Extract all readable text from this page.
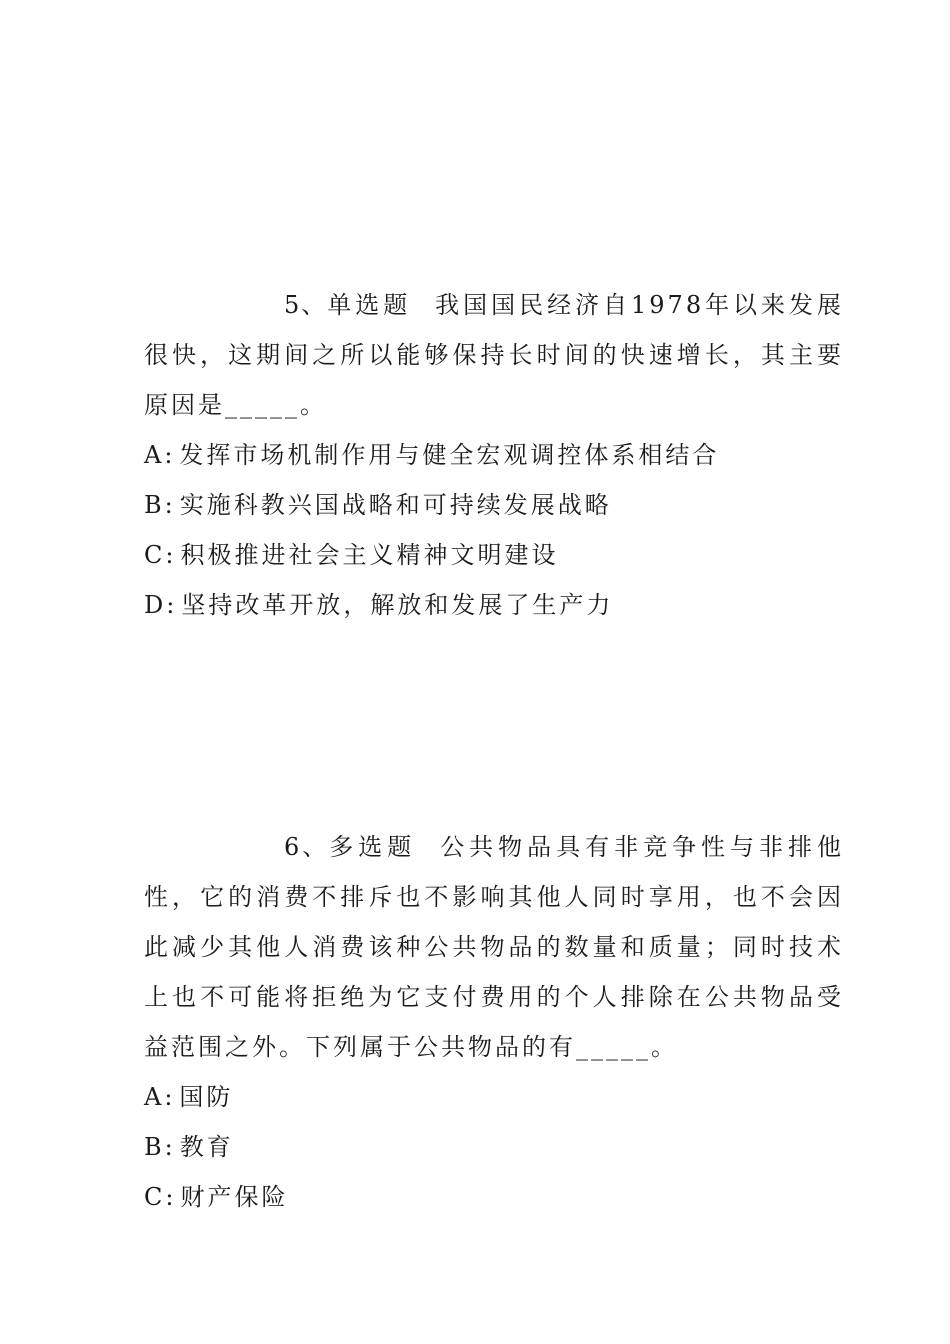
5、单选题 我国国民经济自1978年以来发展很快，这期间之所以能够保持长时间的快速增长，其主要原因是_____。

A: 发挥市场机制作用与健全宏观调控体系相结合

B: 实施科教兴国战略和可持续发展战略

C: 积极推进社会主义精神文明建设

D: 坚持改革开放，解放和发展了生产力

6、多选题 公共物品具有非竞争性与非排他性，它的消费不排斥也不影响其他人同时享用，也不会因此减少其他人消费该种公共物品的数量和质量；同时技术上也不可能将拒绝为它支付费用的个人排除在公共物品受益范围之外。下列属于公共物品的有_____。

A: 国防

B: 教育

C: 财产保险
